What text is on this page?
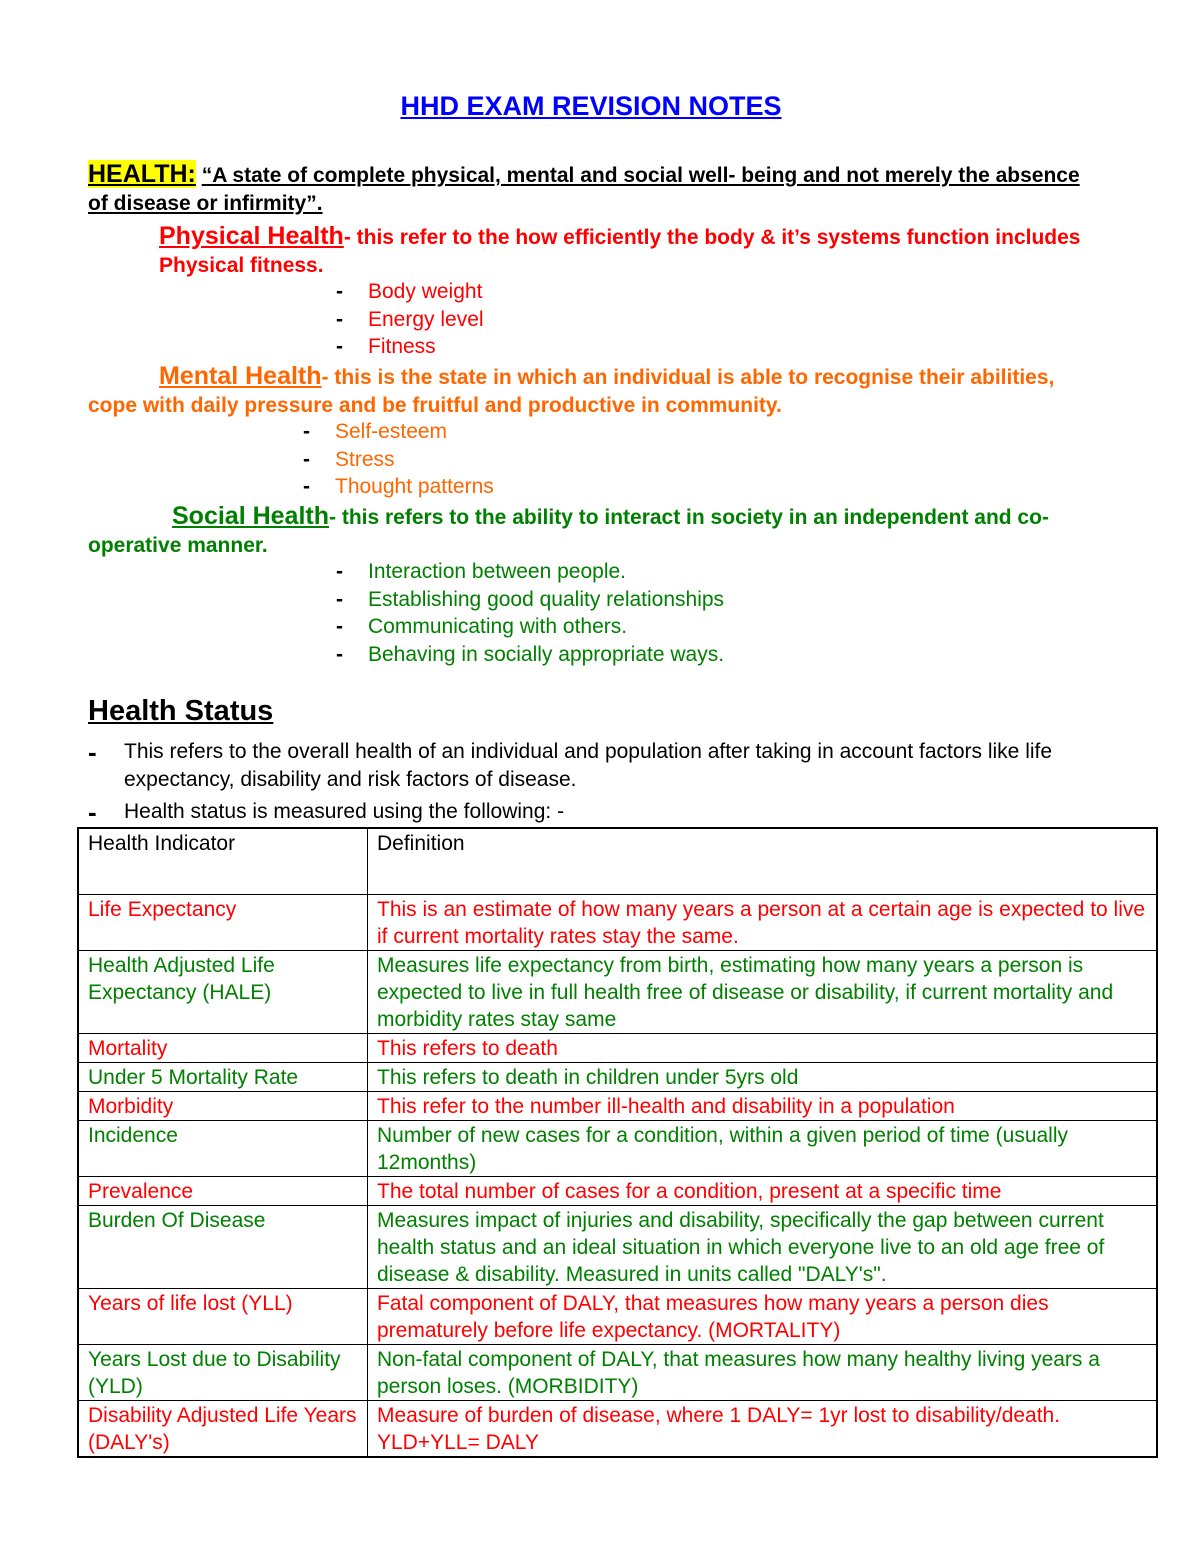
HHD EXAM REVISION NOTES
HEALTH: “A state of complete physical, mental and social well- being and not merely the absence of disease or infirmity”.
Physical Health- this refer to the how efficiently the body & it’s systems function includes Physical fitness.
- Body weight
- Energy level
- Fitness
Mental Health- this is the state in which an individual is able to recognise their abilities, cope with daily pressure and be fruitful and productive in community.
- Self-esteem
- Stress
- Thought patterns
Social Health- this refers to the ability to interact in society in an independent and co-operative manner.
- Interaction between people.
- Establishing good quality relationships
- Communicating with others.
- Behaving in socially appropriate ways.
Health Status
- This refers to the overall health of an individual and population after taking in account factors like life expectancy, disability and risk factors of disease.
- Health status is measured using the following: -
Health Indicator	Definition
Life Expectancy	This is an estimate of how many years a person at a certain age is expected to live if current mortality rates stay the same.
Health Adjusted Life Expectancy (HALE)	Measures life expectancy from birth, estimating how many years a person is expected to live in full health free of disease or disability, if current mortality and morbidity rates stay same
Mortality	This refers to death
Under 5 Mortality Rate	This refers to death in children under 5yrs old
Morbidity	This refer to the number ill-health and disability in a population
Incidence	Number of new cases for a condition, within a given period of time (usually 12months)
Prevalence	The total number of cases for a condition, present at a specific time
Burden Of Disease	Measures impact of injuries and disability, specifically the gap between current health status and an ideal situation in which everyone live to an old age free of disease & disability. Measured in units called "DALY's".
Years of life lost (YLL)	Fatal component of DALY, that measures how many years a person dies prematurely before life expectancy. (MORTALITY)
Years Lost due to Disability (YLD)	Non-fatal component of DALY, that measures how many healthy living years a person loses. (MORBIDITY)
Disability Adjusted Life Years (DALY's)	Measure of burden of disease, where 1 DALY= 1yr lost to disability/death. YLD+YLL= DALY
